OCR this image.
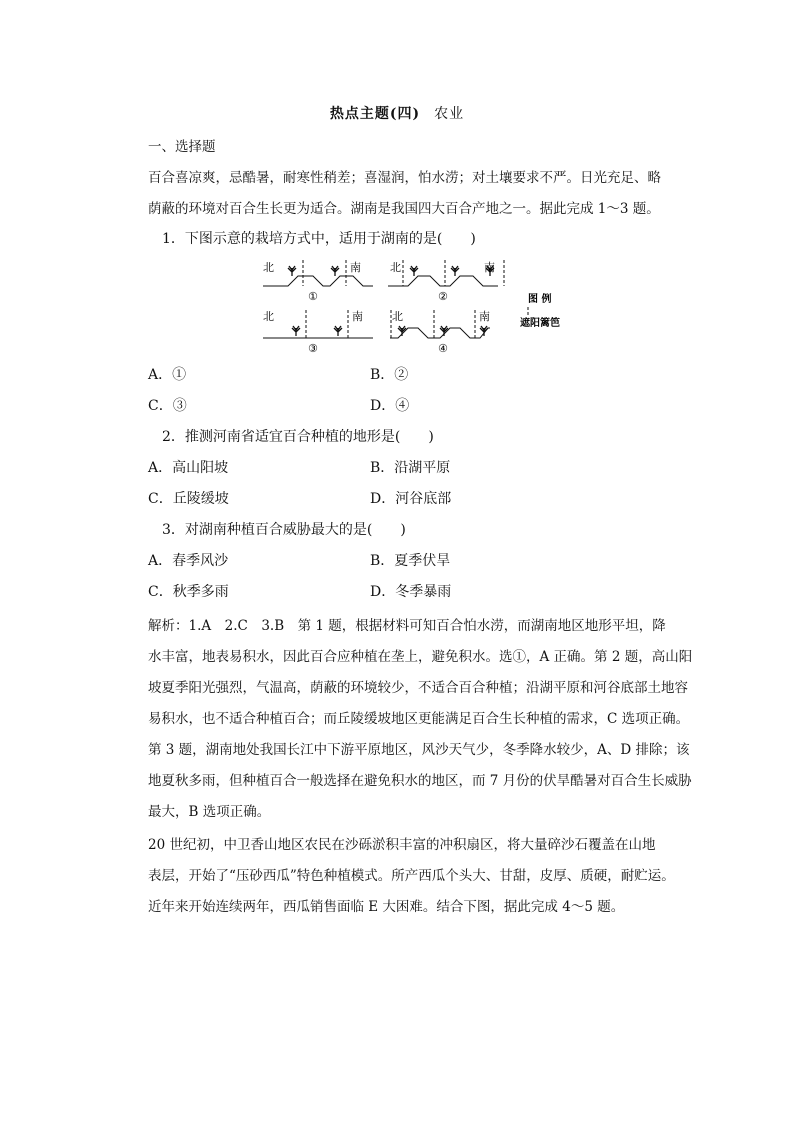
热点主题(四) 农业
一、选择题
百合喜凉爽，忌酷暑，耐寒性稍差；喜湿润，怕水涝；对土壤要求不严。日光充足、略
荫蔽的环境对百合生长更为适合。湖南是我国四大百合产地之一。据此完成 1～3 题。
1．下图示意的栽培方式中，适用于湖南的是(　　)
北	南
①
北	南
②
北	南
③
北	南
④
图 例
遮阳篱笆
A．①	B．②
C．③	D．④
2．推测河南省适宜百合种植的地形是(　　)
A．高山阳坡	B．沿湖平原
C．丘陵缓坡	D．河谷底部
3．对湖南种植百合威胁最大的是(　　)
A．春季风沙	B．夏季伏旱
C．秋季多雨	D．冬季暴雨
解析：1.A　2.C　3.B　第 1 题，根据材料可知百合怕水涝，而湖南地区地形平坦，降
水丰富，地表易积水，因此百合应种植在垄上，避免积水。选①，A 正确。第 2 题，高山阳
坡夏季阳光强烈，气温高，荫蔽的环境较少，不适合百合种植；沿湖平原和河谷底部土地容
易积水，也不适合种植百合；而丘陵缓坡地区更能满足百合生长种植的需求，C 选项正确。
第 3 题，湖南地处我国长江中下游平原地区，风沙天气少，冬季降水较少，A、D 排除；该
地夏秋多雨，但种植百合一般选择在避免积水的地区，而 7 月份的伏旱酷暑对百合生长威胁
最大，B 选项正确。
20 世纪初，中卫香山地区农民在沙砾淤积丰富的冲积扇区，将大量碎沙石覆盖在山地
表层，开始了“压砂西瓜”特色种植模式。所产西瓜个头大、甘甜，皮厚、质硬，耐贮运。
近年来开始连续两年，西瓜销售面临 E 大困难。结合下图，据此完成 4～5 题。
